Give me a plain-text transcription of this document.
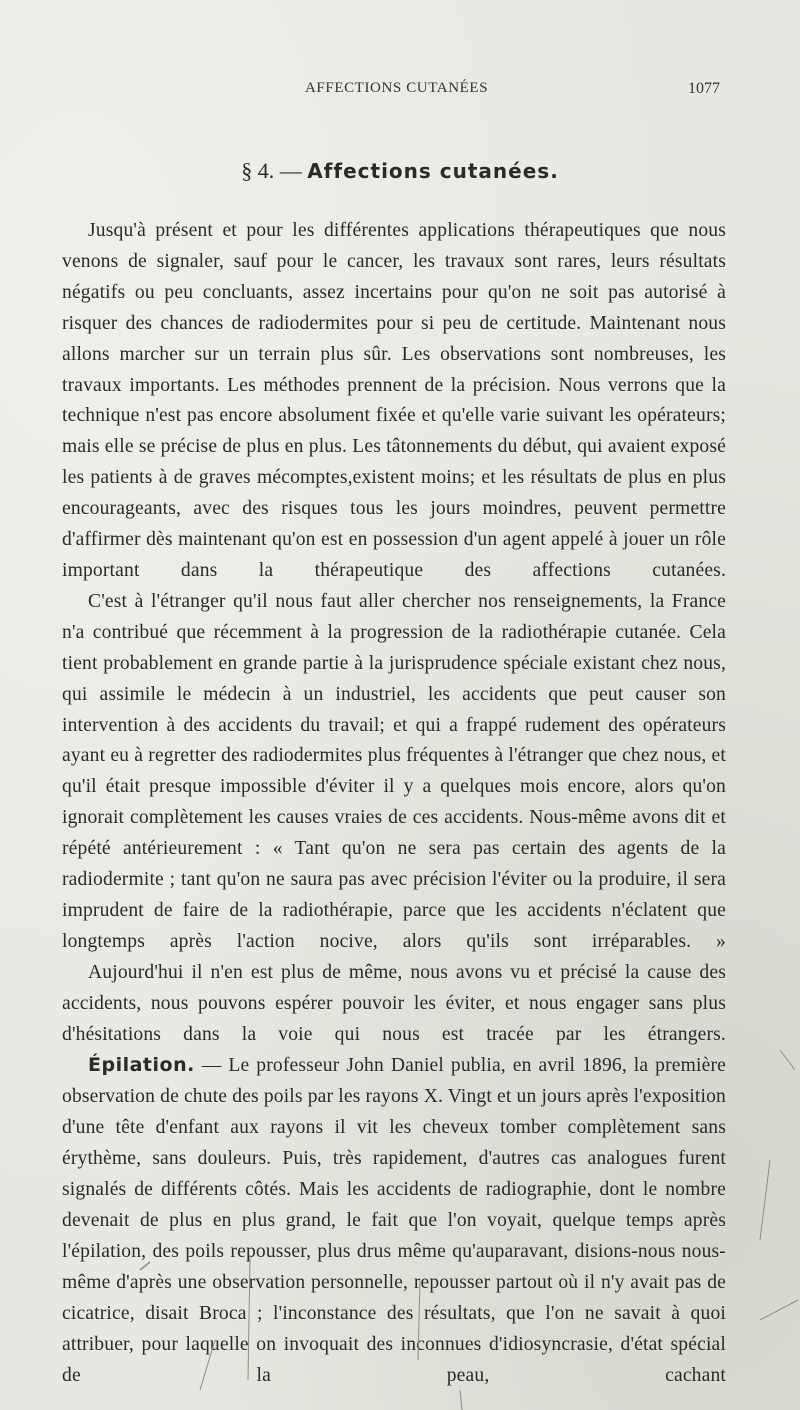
AFFECTIONS CUTANÉES	1077
§ 4. — Affections cutanées.

Jusqu'à présent et pour les différentes applications thérapeutiques que nous venons de signaler, sauf pour le cancer, les travaux sont rares, leurs résultats négatifs ou peu concluants, assez incertains pour qu'on ne soit pas autorisé à risquer des chances de radiodermites pour si peu de certitude. Maintenant nous allons marcher sur un terrain plus sûr. Les observations sont nombreuses, les travaux importants. Les méthodes prennent de la précision. Nous verrons que la technique n'est pas encore absolument fixée et qu'elle varie suivant les opérateurs; mais elle se précise de plus en plus. Les tâtonnements du début, qui avaient exposé les patients à de graves mécomptes,existent moins; et les résultats de plus en plus encourageants, avec des risques tous les jours moindres, peuvent permettre d'affirmer dès maintenant qu'on est en possession d'un agent appelé à jouer un rôle important dans la thérapeutique des affections cutanées.

C'est à l'étranger qu'il nous faut aller chercher nos renseignements, la France n'a contribué que récemment à la progression de la radiothérapie cutanée. Cela tient probablement en grande partie à la jurisprudence spéciale existant chez nous, qui assimile le médecin à un industriel, les accidents que peut causer son intervention à des accidents du travail; et qui a frappé rudement des opérateurs ayant eu à regretter des radiodermites plus fréquentes à l'étranger que chez nous, et qu'il était presque impossible d'éviter il y a quelques mois encore, alors qu'on ignorait complètement les causes vraies de ces accidents. Nous-même avons dit et répété antérieurement : « Tant qu'on ne sera pas certain des agents de la radiodermite ; tant qu'on ne saura pas avec précision l'éviter ou la produire, il sera imprudent de faire de la radiothérapie, parce que les accidents n'éclatent que longtemps après l'action nocive, alors qu'ils sont irréparables. »

Aujourd'hui il n'en est plus de même, nous avons vu et précisé la cause des accidents, nous pouvons espérer pouvoir les éviter, et nous engager sans plus d'hésitations dans la voie qui nous est tracée par les étrangers.

Épilation. — Le professeur John Daniel publia, en avril 1896, la première observation de chute des poils par les rayons X. Vingt et un jours après l'exposition d'une tête d'enfant aux rayons il vit les cheveux tomber complètement sans érythème, sans douleurs. Puis, très rapidement, d'autres cas analogues furent signalés de différents côtés. Mais les accidents de radiographie, dont le nombre devenait de plus en plus grand, le fait que l'on voyait, quelque temps après l'épilation, des poils repousser, plus drus même qu'auparavant, disions-nous nous-même d'après une observation personnelle, repousser partout où il n'y avait pas de cicatrice, disait Broca ; l'inconstance des résultats, que l'on ne savait à quoi attribuer, pour laquelle on invoquait des inconnues d'idiosyncrasie, d'état spécial de la peau, cachant
